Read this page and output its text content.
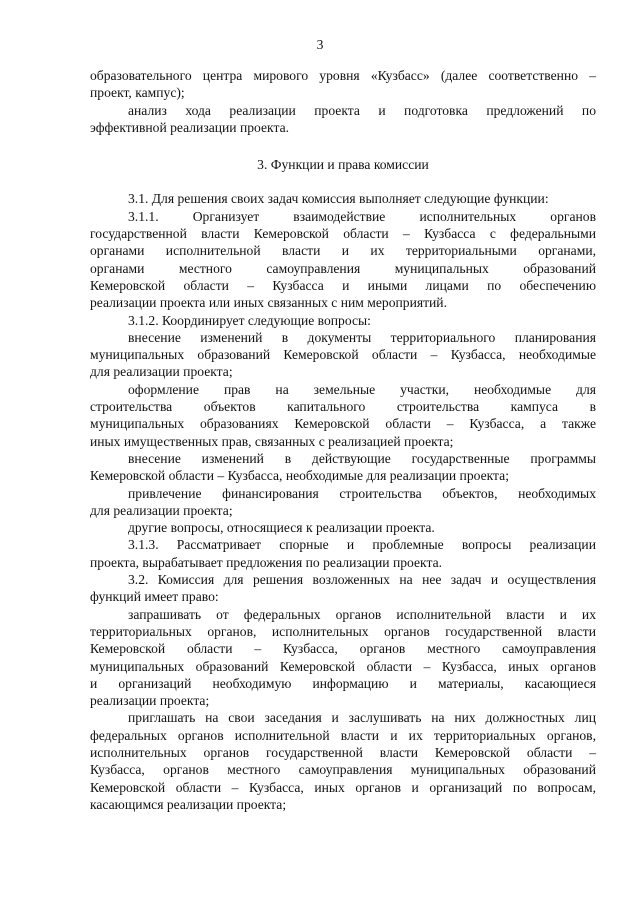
3
образовательного центра мирового уровня «Кузбасс» (далее соответственно –
проект, кампус);
анализ хода реализации проекта и подготовка предложений по
эффективной реализации проекта.
3. Функции и права комиссии
3.1. Для решения своих задач комиссия выполняет следующие функции:
3.1.1. Организует взаимодействие исполнительных органов
государственной власти Кемеровской области – Кузбасса с федеральными
органами исполнительной власти и их территориальными органами,
органами местного самоуправления муниципальных образований
Кемеровской области – Кузбасса и иными лицами по обеспечению
реализации проекта или иных связанных с ним мероприятий.
3.1.2. Координирует следующие вопросы:
внесение изменений в документы территориального планирования
муниципальных образований Кемеровской области – Кузбасса, необходимые
для реализации проекта;
оформление прав на земельные участки, необходимые для
строительства объектов капитального строительства кампуса в
муниципальных образованиях Кемеровской области – Кузбасса, а также
иных имущественных прав, связанных с реализацией проекта;
внесение изменений в действующие государственные программы
Кемеровской области – Кузбасса, необходимые для реализации проекта;
привлечение финансирования строительства объектов, необходимых
для реализации проекта;
другие вопросы, относящиеся к реализации проекта.
3.1.3. Рассматривает спорные и проблемные вопросы реализации
проекта, вырабатывает предложения по реализации проекта.
3.2. Комиссия для решения возложенных на нее задач и осуществления
функций имеет право:
запрашивать от федеральных органов исполнительной власти и их
территориальных органов, исполнительных органов государственной власти
Кемеровской области – Кузбасса, органов местного самоуправления
муниципальных образований Кемеровской области – Кузбасса, иных органов
и организаций необходимую информацию и материалы, касающиеся
реализации проекта;
приглашать на свои заседания и заслушивать на них должностных лиц
федеральных органов исполнительной власти и их территориальных органов,
исполнительных органов государственной власти Кемеровской области –
Кузбасса, органов местного самоуправления муниципальных образований
Кемеровской области – Кузбасса, иных органов и организаций по вопросам,
касающимся реализации проекта;
